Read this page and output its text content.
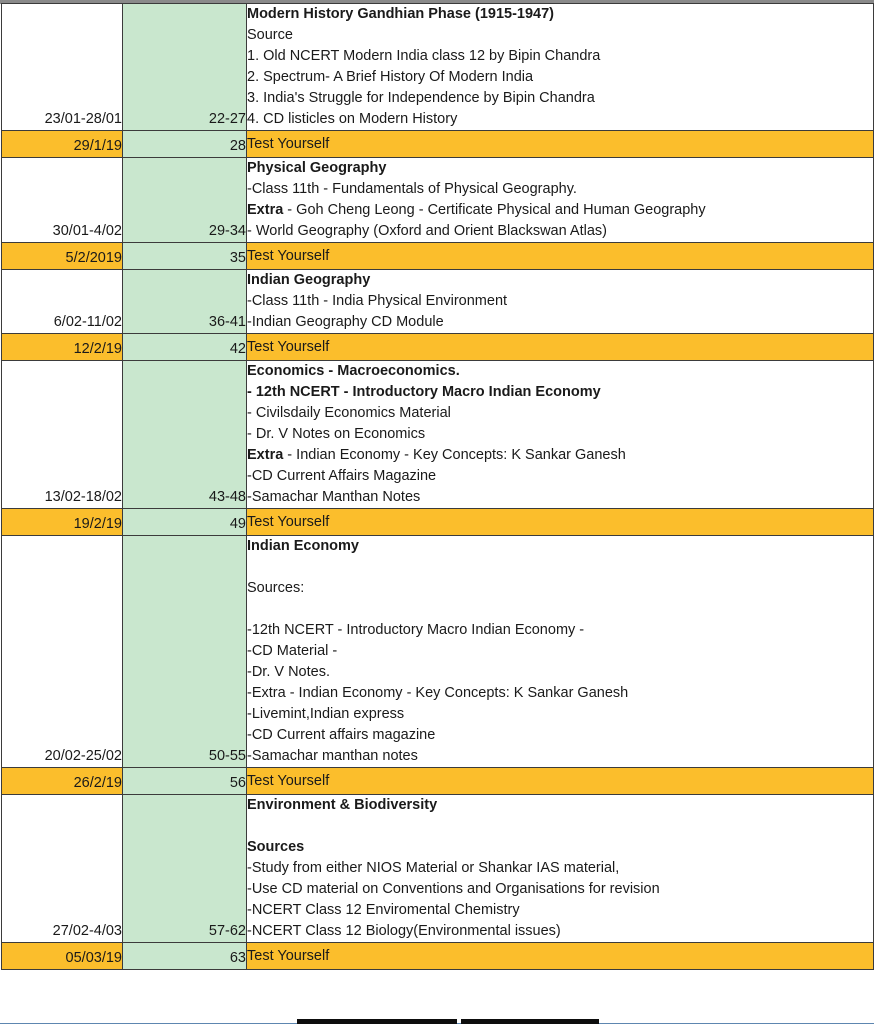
23/01-28/01	22-27	
Modern History Gandhian Phase (1915-1947)
Source
1. Old NCERT Modern India class 12 by Bipin Chandra
2. Spectrum- A Brief History Of Modern India
3. India's Struggle for Independence by Bipin Chandra
4. CD listicles on Modern History

29/1/19	28	Test Yourself

30/01-4/02	29-34	Physical Geography
-Class 11th - Fundamentals of Physical Geography.
Extra - Goh Cheng Leong - Certificate Physical and Human Geography
- World Geography (Oxford and Orient Blackswan Atlas)

5/2/2019	35	Test Yourself

6/02-11/02	36-41	Indian Geography
-Class 11th - India Physical Environment
-Indian Geography CD Module

12/2/19	42	Test Yourself

13/02-18/02	43-48	
Economics - Macroeconomics.
- 12th NCERT - Introductory Macro Indian Economy
- Civilsdaily Economics Material
- Dr. V Notes on Economics
Extra - Indian Economy - Key Concepts: K Sankar Ganesh
-CD Current Affairs Magazine
-Samachar Manthan Notes

19/2/19	49	Test Yourself

20/02-25/02	50-55	
Indian Economy

Sources:

-12th NCERT - Introductory Macro Indian Economy -
-CD Material -
-Dr. V Notes.
-Extra - Indian Economy - Key Concepts: K Sankar Ganesh
-Livemint,Indian express
-CD Current affairs magazine
-Samachar manthan notes

26/2/19	56	Test Yourself

27/02-4/03	57-62	
Environment & Biodiversity

Sources
-Study from either NIOS Material or Shankar IAS material,
-Use CD material on Conventions and Organisations for revision
-NCERT Class 12 Enviromental Chemistry
-NCERT Class 12 Biology(Environmental issues)

05/03/19	63	Test Yourself
